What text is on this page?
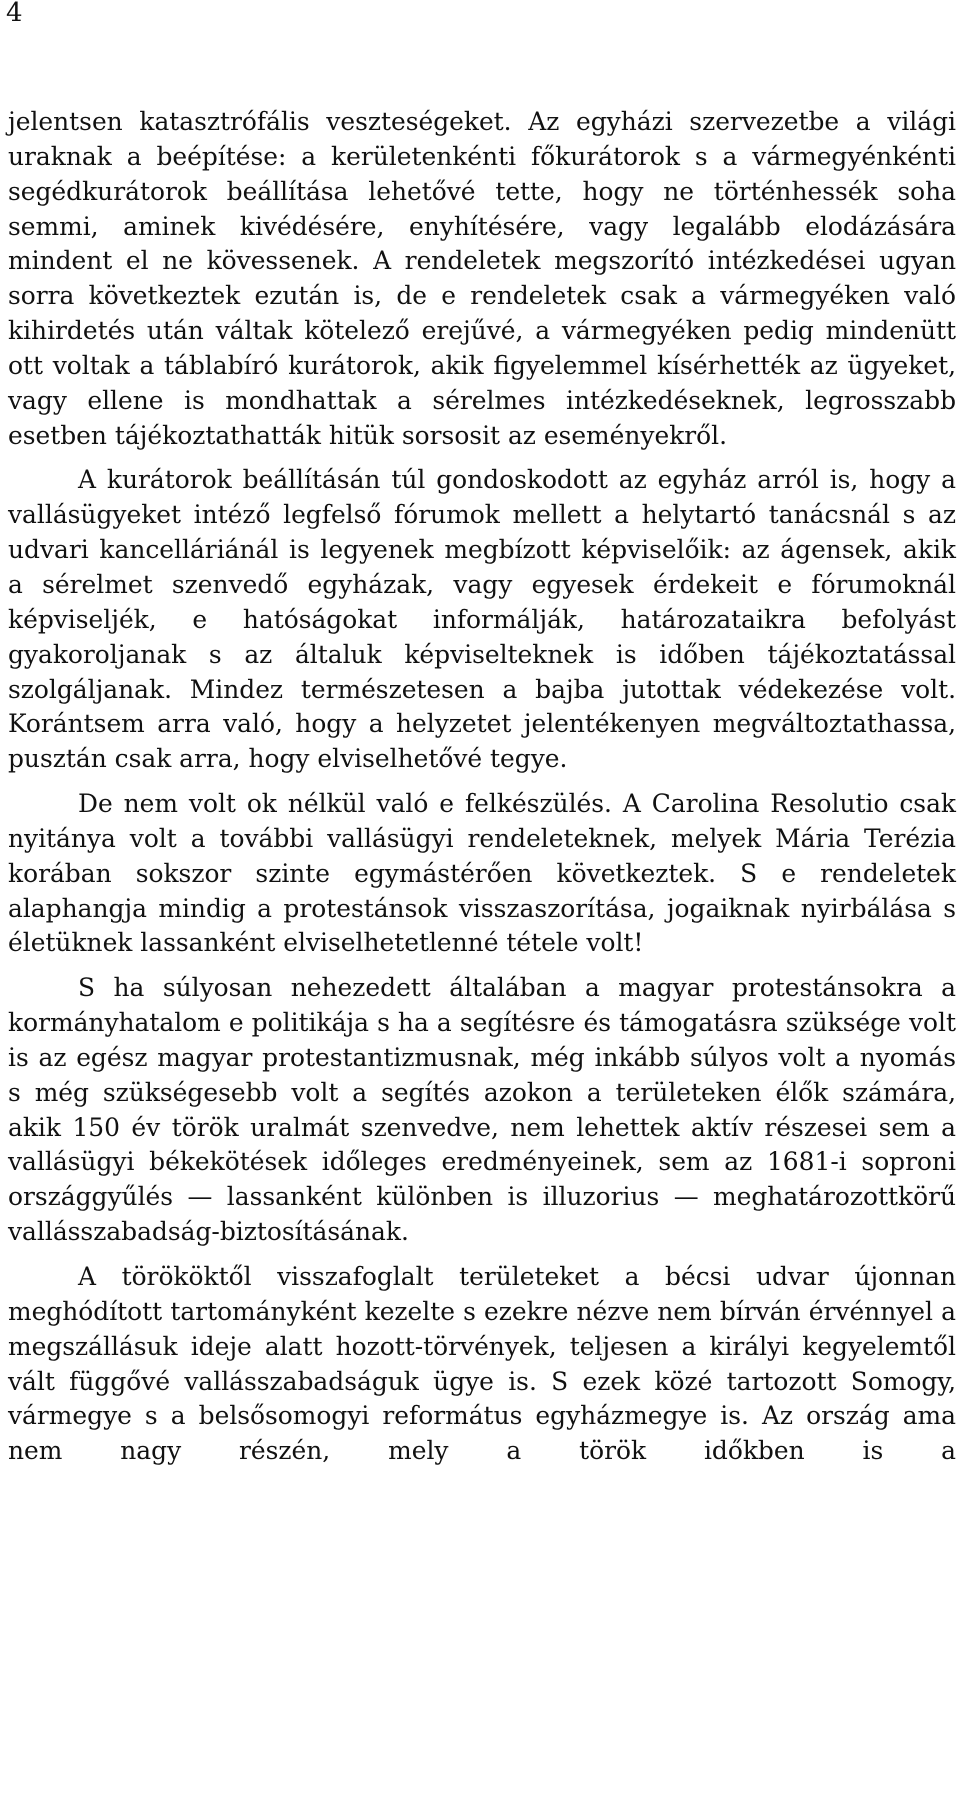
4

jelentsen katasztrófális veszteségeket. Az egyházi szervezetbe a világi uraknak a beépítése: a kerületenkénti főkurátorok s a vármegyénkénti segédkurátorok beállítása lehetővé tette, hogy ne történhessék soha semmi, aminek kivédésére, enyhítésére, vagy legalább elodázására mindent el ne kövessenek. A rendeletek megszorító intézkedései ugyan sorra következtek ezután is, de e rendeletek csak a vármegyéken való kihirdetés után váltak kötelező erejűvé, a vármegyéken pedig mindenütt ott voltak a táblabíró kurátorok, akik figyelemmel kísérhették az ügyeket, vagy ellene is mondhattak a sérelmes intézkedéseknek, legrosszabb esetben tájékoztathatták hitük sorsosit az eseményekről.

A kurátorok beállításán túl gondoskodott az egyház arról is, hogy a vallásügyeket intéző legfelső fórumok mellett a helytartó tanácsnál s az udvari kancelláriánál is legyenek megbízott képviselőik: az ágensek, akik a sérelmet szenvedő egyházak, vagy egyesek érdekeit e fórumoknál képviseljék, e hatóságokat informálják, határozataikra befolyást gyakoroljanak s az általuk képviselteknek is időben tájékoztatással szolgáljanak. Mindez természetesen a bajba jutottak védekezése volt. Korántsem arra való, hogy a helyzetet jelentékenyen megváltoztathassa, pusztán csak arra, hogy elviselhetővé tegye.

De nem volt ok nélkül való e felkészülés. A Carolina Resolutio csak nyitánya volt a további vallásügyi rendeleteknek, melyek Mária Terézia korában sokszor szinte egymástérően következtek. S e rendeletek alaphangja mindig a protestánsok visszaszorítása, jogaiknak nyirbálása s életüknek lassanként elviselhetetlenné tétele volt!

S ha súlyosan nehezedett általában a magyar protestánsokra a kormányhatalom e politikája s ha a segítésre és támogatásra szüksége volt is az egész magyar protestantizmusnak, még inkább súlyos volt a nyomás s még szükségesebb volt a segítés azokon a területeken élők számára, akik 150 év török uralmát szenvedve, nem lehettek aktív részesei sem a vallásügyi békekötések időleges eredményeinek, sem az 1681-i soproni országgyűlés — lassanként különben is illuzorius — meghatározottkörű vallásszabadság-biztosításának.

A törököktől visszafoglalt területeket a bécsi udvar újonnan meghódított tartományként kezelte s ezekre nézve nem bírván érvénnyel a megszállásuk ideje alatt hozott-törvények, teljesen a királyi kegyelemtől vált függővé vallásszabadságuk ügye is. S ezek közé tartozott Somogy, vármegye s a belsősomogyi református egyházmegye is. Az ország ama nem nagy részén, mely a török időkben is a
